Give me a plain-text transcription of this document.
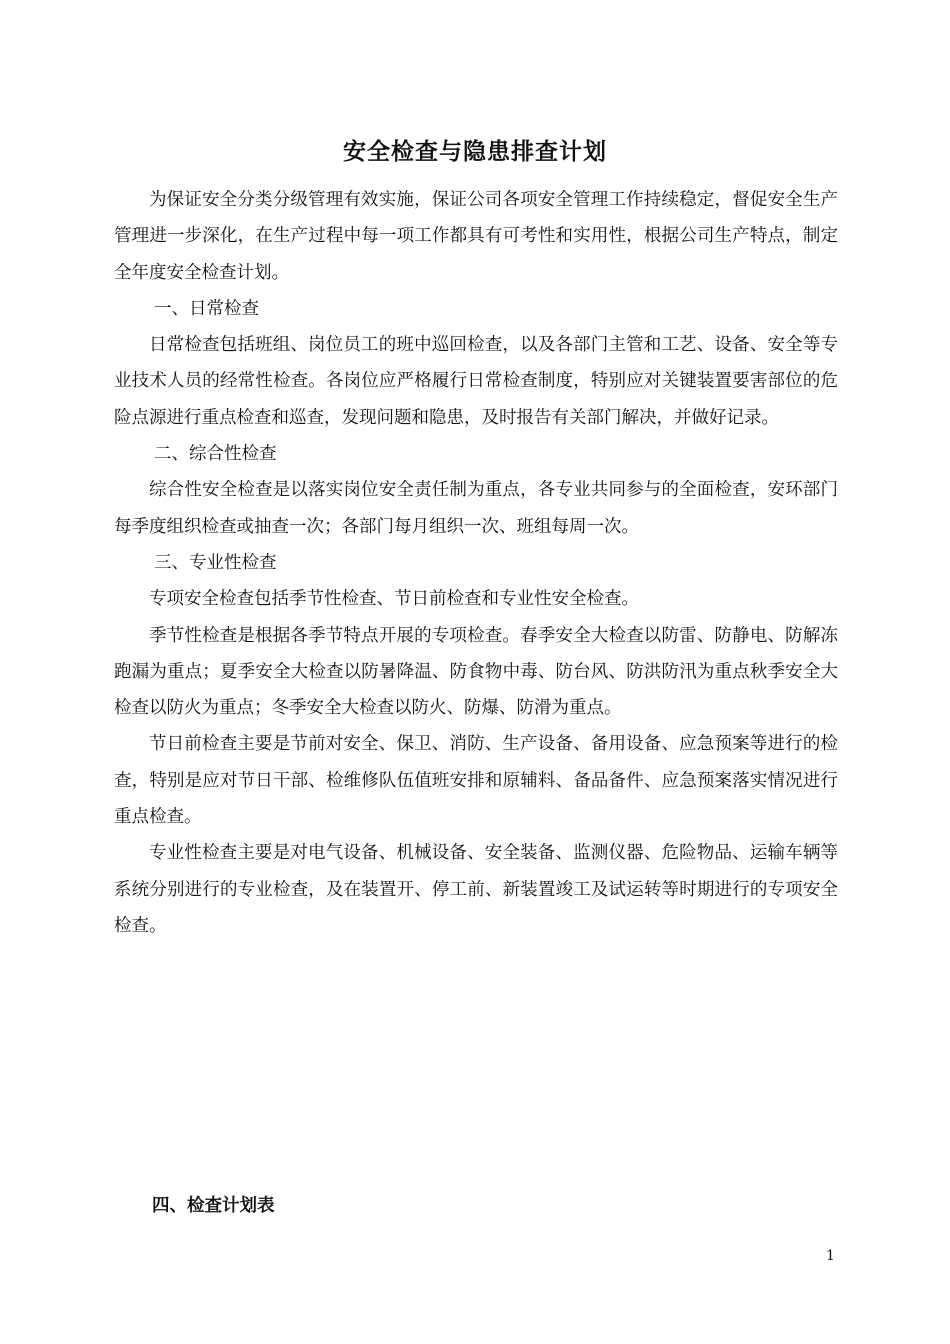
安全检查与隐患排查计划

为保证安全分类分级管理有效实施，保证公司各项安全管理工作持续稳定，督促安全生产管理进一步深化，在生产过程中每一项工作都具有可考性和实用性，根据公司生产特点，制定全年度安全检查计划。

一、日常检查

日常检查包括班组、岗位员工的班中巡回检查，以及各部门主管和工艺、设备、安全等专业技术人员的经常性检查。各岗位应严格履行日常检查制度，特别应对关键装置要害部位的危险点源进行重点检查和巡查，发现问题和隐患，及时报告有关部门解决，并做好记录。

二、综合性检查

综合性安全检查是以落实岗位安全责任制为重点，各专业共同参与的全面检查，安环部门每季度组织检查或抽查一次；各部门每月组织一次、班组每周一次。

三、专业性检查

专项安全检查包括季节性检查、节日前检查和专业性安全检查。

季节性检查是根据各季节特点开展的专项检查。春季安全大检查以防雷、防静电、防解冻跑漏为重点；夏季安全大检查以防暑降温、防食物中毒、防台风、防洪防汛为重点秋季安全大检查以防火为重点；冬季安全大检查以防火、防爆、防滑为重点。

节日前检查主要是节前对安全、保卫、消防、生产设备、备用设备、应急预案等进行的检查，特别是应对节日干部、检维修队伍值班安排和原辅料、备品备件、应急预案落实情况进行重点检查。

专业性检查主要是对电气设备、机械设备、安全装备、监测仪器、危险物品、运输车辆等系统分别进行的专业检查，及在装置开、停工前、新装置竣工及试运转等时期进行的专项安全检查。

四、检查计划表
1
